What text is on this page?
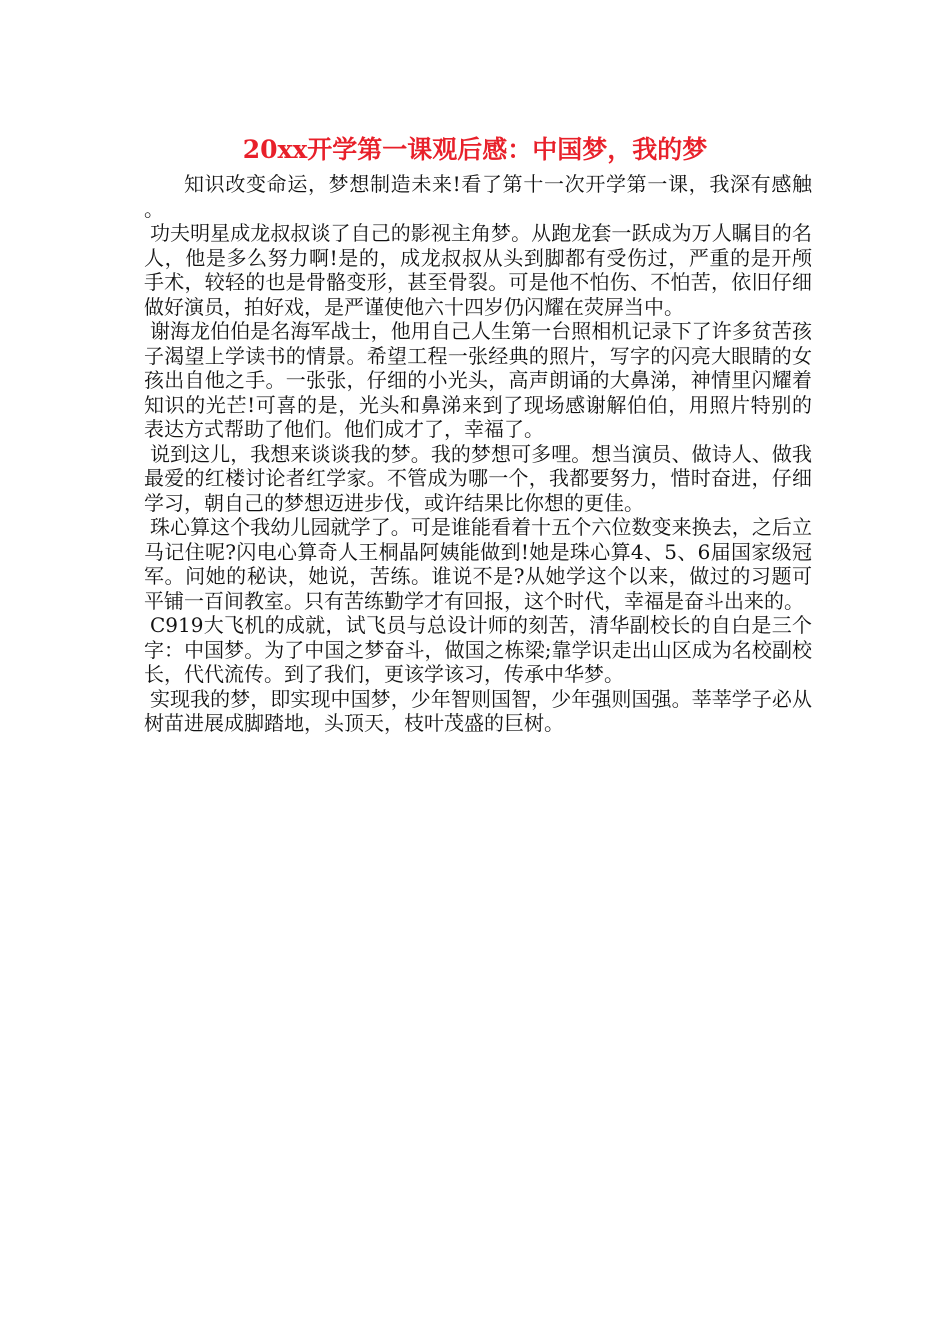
20xx开学第一课观后感：中国梦，我的梦

知识改变命运，梦想制造未来!看了第十一次开学第一课，我深有感触。

功夫明星成龙叔叔谈了自己的影视主角梦。从跑龙套一跃成为万人瞩目的名人，他是多么努力啊!是的，成龙叔叔从头到脚都有受伤过，严重的是开颅手术，较轻的也是骨骼变形，甚至骨裂。可是他不怕伤、不怕苦，依旧仔细做好演员，拍好戏，是严谨使他六十四岁仍闪耀在荧屏当中。

谢海龙伯伯是名海军战士，他用自己人生第一台照相机记录下了许多贫苦孩子渴望上学读书的情景。希望工程一张经典的照片，写字的闪亮大眼睛的女孩出自他之手。一张张，仔细的小光头，高声朗诵的大鼻涕，神情里闪耀着知识的光芒!可喜的是，光头和鼻涕来到了现场感谢解伯伯，用照片特别的表达方式帮助了他们。他们成才了，幸福了。

说到这儿，我想来谈谈我的梦。我的梦想可多哩。想当演员、做诗人、做我最爱的红楼讨论者红学家。不管成为哪一个，我都要努力，惜时奋进，仔细学习，朝自己的梦想迈进步伐，或许结果比你想的更佳。

珠心算这个我幼儿园就学了。可是谁能看着十五个六位数变来换去，之后立马记住呢?闪电心算奇人王桐晶阿姨能做到!她是珠心算4、5、6届国家级冠军。问她的秘诀，她说，苦练。谁说不是?从她学这个以来，做过的习题可平铺一百间教室。只有苦练勤学才有回报，这个时代，幸福是奋斗出来的。

C919大飞机的成就，试飞员与总设计师的刻苦，清华副校长的自白是三个字：中国梦。为了中国之梦奋斗，做国之栋梁;靠学识走出山区成为名校副校长，代代流传。到了我们，更该学该习，传承中华梦。

实现我的梦，即实现中国梦，少年智则国智，少年强则国强。莘莘学子必从树苗进展成脚踏地，头顶天，枝叶茂盛的巨树。
